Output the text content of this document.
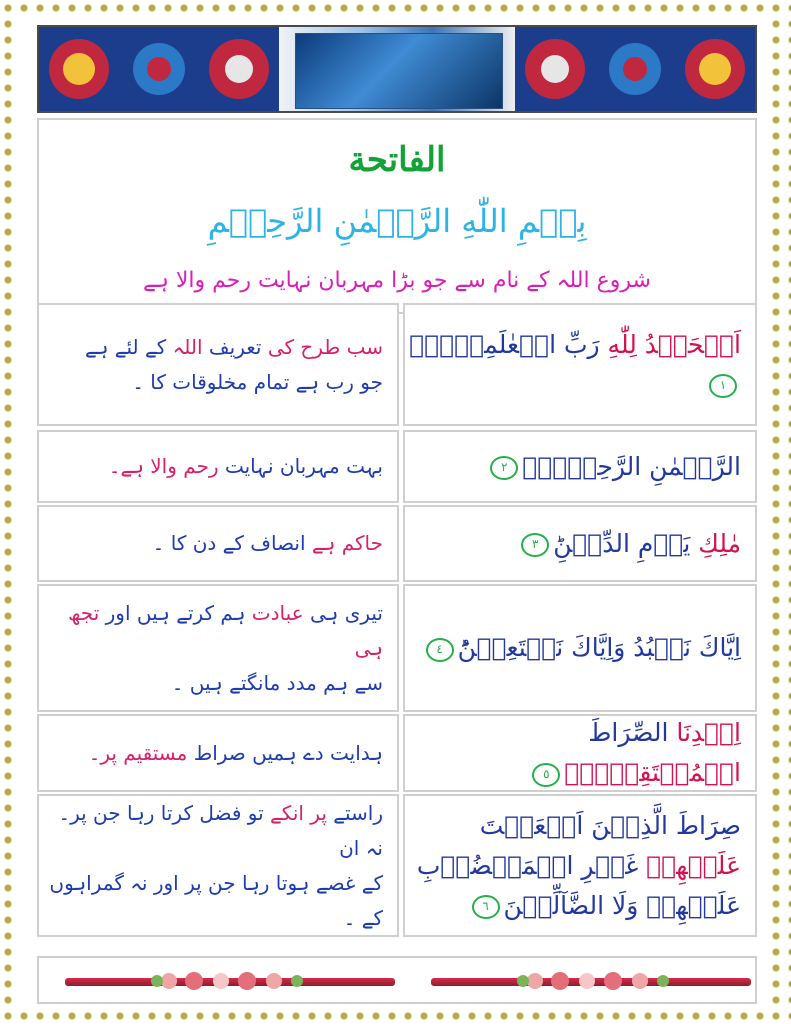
الفاتحة
بِسۡمِ اللّٰهِ الرَّحۡمٰنِ الرَّحِيۡمِ
شروع اللہ کے نام سے جو بڑا مہربان نہایت رحم والا ہے
سب طرح کی تعریف اللہ کے لئے ہے
جو رب ہے تمام مخلوقات کا ۔
اَلۡحَمۡدُ لِلّٰهِ رَبِّ الۡعٰلَمِيۡنَۙ١
بہت مہربان نہایت رحم والا ہے۔	الرَّحۡمٰنِ الرَّحِيۡمِۙ٢
حاکم ہے انصاف کے دن کا ۔	مٰلِكِ يَوۡمِ الدِّيۡنِؕ٣
تیری ہی عبادت ہم کرتے ہیں اور تجھ ہی
سے ہم مدد مانگتے ہیں ۔
اِيَّاكَ نَعۡبُدُ وَاِيَّاكَ نَسۡتَعِيۡنُؕ٤
ہدایت دے ہمیں صراط مستقیم پر۔
اِهۡدِنَا الصِّرَاطَ الۡمُسۡتَقِيۡمَۙ٥
راستے پر انکے تو فضل کرتا رہا جن پر۔ نہ ان
کے غصے ہوتا رہا جن پر اور نہ گمراہوں کے ۔
صِرَاطَ الَّذِيۡنَ اَنۡعَمۡتَ عَلَيۡهِمۡ غَيۡرِ الۡمَغۡضُوۡبِ عَلَيۡهِمۡ وَلَا الضَّآلِّيۡنَ٦
